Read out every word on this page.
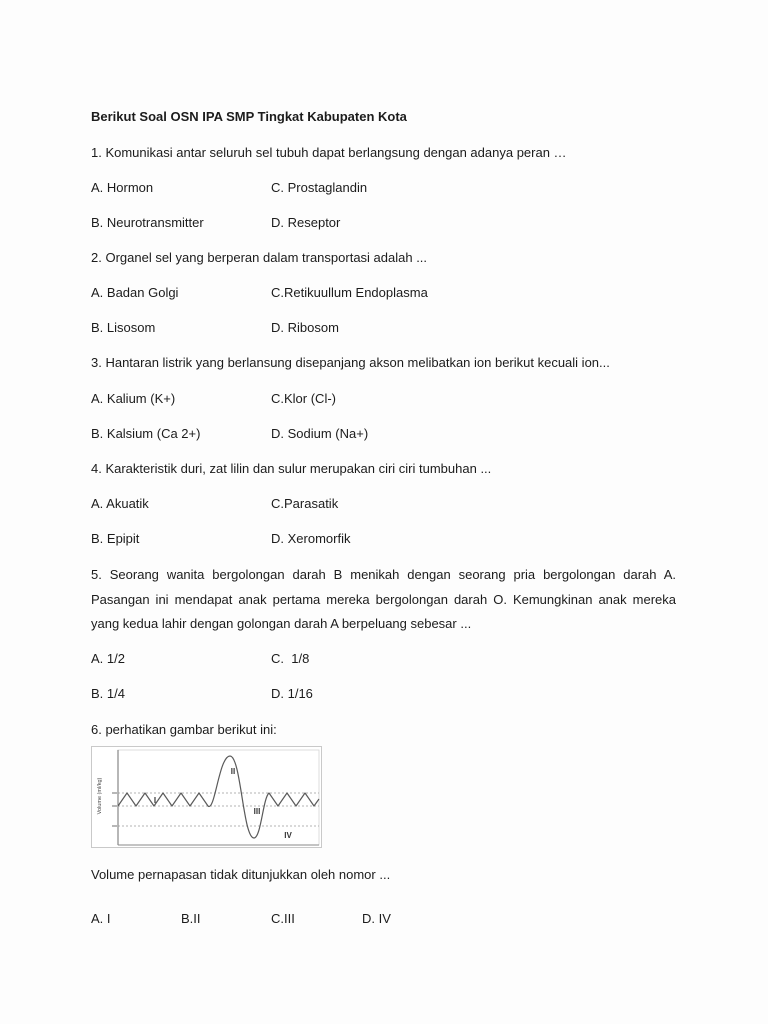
Berikut Soal OSN IPA SMP Tingkat Kabupaten Kota
1. Komunikasi antar seluruh sel tubuh dapat berlangsung dengan adanya peran …
A. Hormon	C. Prostaglandin
B. Neurotransmitter	D. Reseptor
2. Organel sel yang berperan dalam transportasi adalah ...
A. Badan Golgi	C.Retikuullum Endoplasma
B. Lisosom	D. Ribosom
3. Hantaran listrik yang berlansung disepanjang akson melibatkan ion berikut kecuali ion...
A. Kalium (K+)	C.Klor (Cl-)
B. Kalsium (Ca 2+)	D. Sodium (Na+)
4. Karakteristik duri, zat lilin dan sulur merupakan ciri ciri tumbuhan ...
A. Akuatik	C.Parasatik
B. Epipit	D. Xeromorfik
5. Seorang wanita bergolongan darah B menikah dengan seorang pria bergolongan darah A. Pasangan ini mendapat anak pertama mereka bergolongan darah O. Kemungkinan anak mereka yang kedua lahir dengan golongan darah A berpeluang sebesar ...
A. 1/2	C.  1/8
B. 1/4	D. 1/16
6. perhatikan gambar berikut ini:
Volume (ml/kg)	I
II
III
IV
Volume pernapasan tidak ditunjukkan oleh nomor ...
A. I	B.II	C.III	D. IV
